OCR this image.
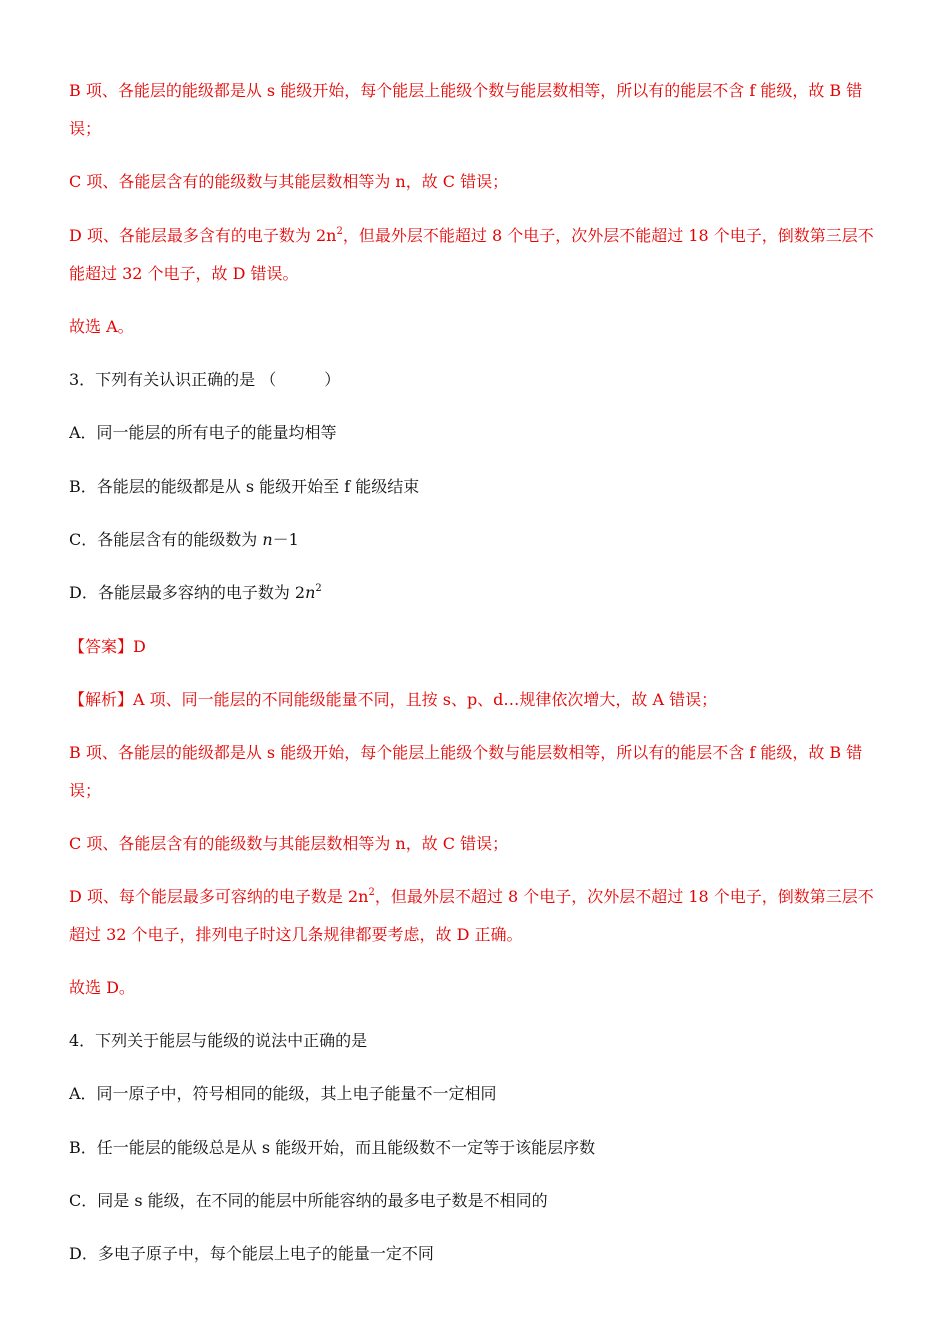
B 项、各能层的能级都是从 s 能级开始，每个能层上能级个数与能层数相等，所以有的能层不含 f 能级，故 B 错
误；
C 项、各能层含有的能级数与其能层数相等为 n，故 C 错误；
D 项、各能层最多含有的电子数为 $2n^2$，但最外层不能超过 8 个电子，次外层不能超过 18 个电子，倒数第三层不
能超过 32 个电子，故 D 错误。
故选 A。
3．下列有关认识正确的是 （　　　）
A．同一能层的所有电子的能量均相等
B．各能层的能级都是从 s 能级开始至 f 能级结束
C．各能层含有的能级数为 n－1
D．各能层最多容纳的电子数为 $2n^2$
【答案】D
【解析】A 项、同一能层的不同能级能量不同，且按 s、p、d…规律依次增大，故 A 错误；
B 项、各能层的能级都是从 s 能级开始，每个能层上能级个数与能层数相等，所以有的能层不含 f 能级，故 B 错
误；
C 项、各能层含有的能级数与其能层数相等为 n，故 C 错误；
D 项、每个能层最多可容纳的电子数是 $2n^2$，但最外层不超过 8 个电子，次外层不超过 18 个电子，倒数第三层不
超过 32 个电子，排列电子时这几条规律都要考虑，故 D 正确。
故选 D。
4．下列关于能层与能级的说法中正确的是
A．同一原子中，符号相同的能级，其上电子能量不一定相同
B．任一能层的能级总是从 s 能级开始，而且能级数不一定等于该能层序数
C．同是 s 能级，在不同的能层中所能容纳的最多电子数是不相同的
D．多电子原子中，每个能层上电子的能量一定不同
